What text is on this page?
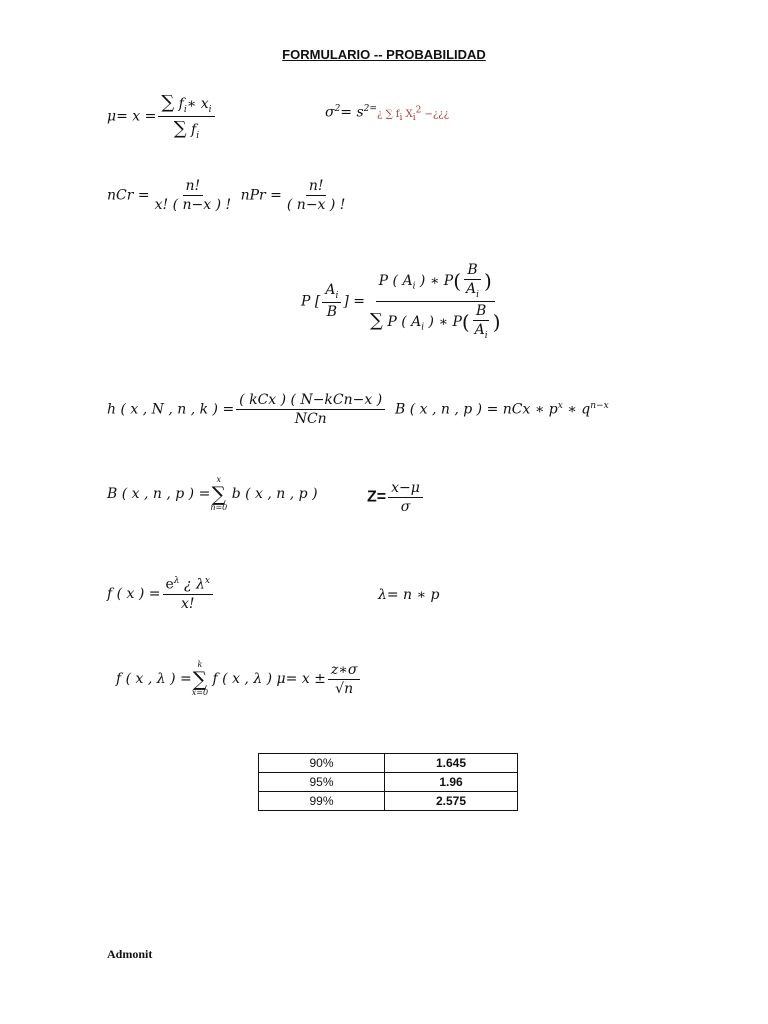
FORMULARIO -- PROBABILIDAD
$\mu= x = \frac{\sum f_i∗ x_i}{\sum f_i}$	$\sigma^2=$ $s^{2=}¿$ ∑ $f_i$ $X_i^2$ −¿¿¿
nCr = $\frac{n!}{x! ( n-x ) !}$ nPr = $\frac{n!}{( n-x ) !}$
P [ $\frac{A_i}{B}$ ] = $\frac{P ( A_i ) ∗ P( \frac{B}{A_i} )}{\sum P ( A_i ) ∗ P( \frac{B}{A_i} )}$
h ( x , N , n , k ) = $\frac{\text{( kCx ) ( N−kCn−x )}}{\text{NCn}}$ B ( x , n , p ) = nCx ∗ $p^x$ ∗ $q^{n-x}$
B ( x , n , p ) =
x
∑
n=0
b ( x , n , p )	$Z= \frac{x-\mu}{\sigma}$
f ( x ) = $\frac{e^\lambda ¿ \lambda^x}{x!}$	λ= n ∗ p
f ( x , λ ) =
k
∑
x=0
f ( x , λ ) $\mu= x \pm \frac{z∗\sigma}{√n}$
90%	1.645
95%	1.96
99%	2.575
Admonit
